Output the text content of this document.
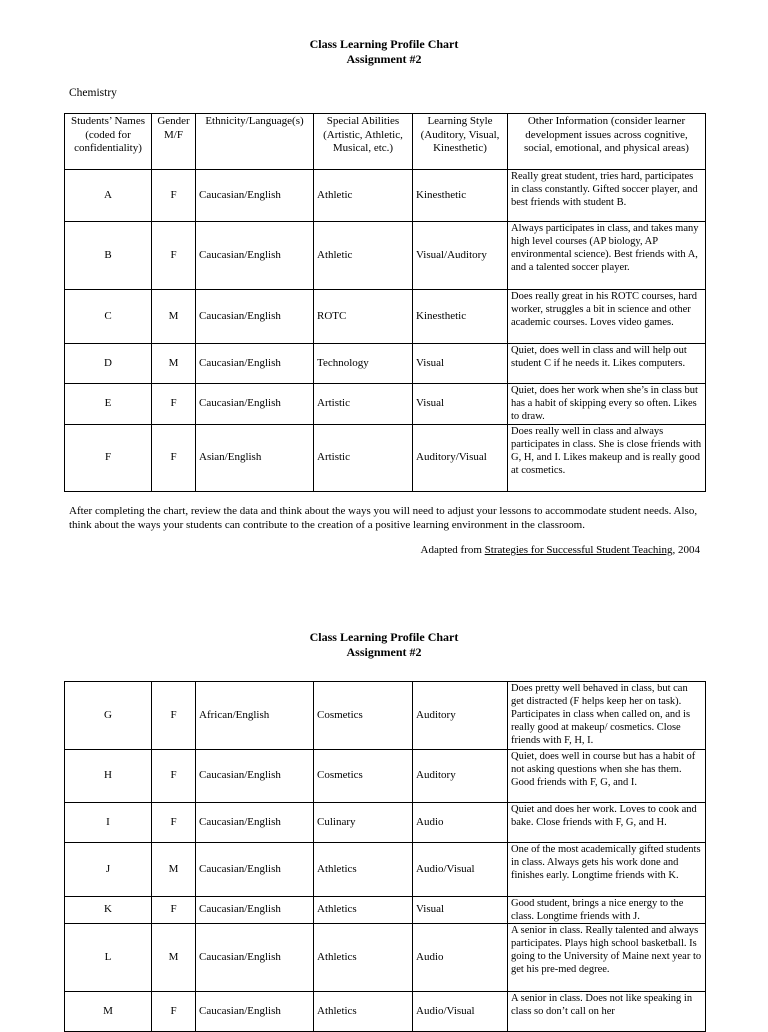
Class Learning Profile Chart
Assignment #2
Chemistry
Students’ Names (coded for confidentiality)	Gender M/F	Ethnicity/Language(s)	Special Abilities (Artistic, Athletic, Musical, etc.)	Learning Style (Auditory, Visual, Kinesthetic)	Other Information (consider learner development issues across cognitive, social, emotional, and physical areas)
A	F	Caucasian/English	Athletic	Kinesthetic	Really great student, tries hard, participates in class constantly. Gifted soccer player, and best friends with student B.
B	F	Caucasian/English	Athletic	Visual/Auditory	Always participates in class, and takes many high level courses (AP biology, AP environmental science). Best friends with A, and a talented soccer player.
C	M	Caucasian/English	ROTC	Kinesthetic	Does really great in his ROTC courses, hard worker, struggles a bit in science and other academic courses. Loves video games.
D	M	Caucasian/English	Technology	Visual	Quiet, does well in class and will help out student C if he needs it. Likes computers.
E	F	Caucasian/English	Artistic	Visual	Quiet, does her work when she’s in class but has a habit of skipping every so often. Likes to draw.
F	F	Asian/English	Artistic	Auditory/Visual	Does really well in class and always participates in class. She is close friends with G, H, and I. Likes makeup and is really good at cosmetics.
After completing the chart, review the data and think about the ways you will need to adjust your lessons to accommodate student needs. Also, think about the ways your students can contribute to the creation of a positive learning environment in the classroom.
Adapted from Strategies for Successful Student Teaching, 2004
Class Learning Profile Chart
Assignment #2
G	F	African/English	Cosmetics	Auditory	Does pretty well behaved in class, but can get distracted (F helps keep her on task). Participates in class when called on, and is really good at makeup/ cosmetics. Close friends with F, H, I.
H	F	Caucasian/English	Cosmetics	Auditory	Quiet, does well in course but has a habit of not asking questions when she has them. Good friends with F, G, and I.
I	F	Caucasian/English	Culinary	Audio	Quiet and does her work. Loves to cook and bake. Close friends with F, G, and H.
J	M	Caucasian/English	Athletics	Audio/Visual	One of the most academically gifted students in class. Always gets his work done and finishes early. Longtime friends with K.
K	F	Caucasian/English	Athletics	Visual	Good student, brings a nice energy to the class. Longtime friends with J.
L	M	Caucasian/English	Athletics	Audio	A senior in class. Really talented and always participates. Plays high school basketball. Is going to the University of Maine next year to get his pre-med degree.
M	F	Caucasian/English	Athletics	Audio/Visual	A senior in class. Does not like speaking in class so don’t call on her
